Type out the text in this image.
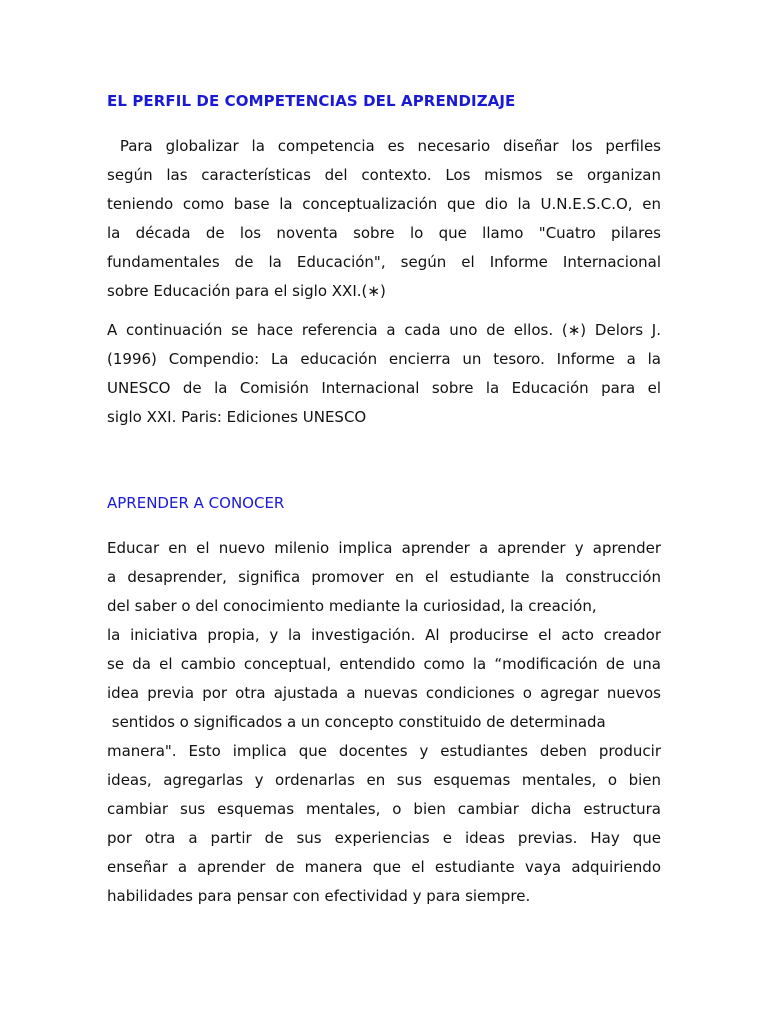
EL PERFIL DE COMPETENCIAS DEL APRENDIZAJE
Para globalizar la competencia es necesario diseñar los perfiles
según las características del contexto. Los mismos se organizan
teniendo como base la conceptualización que dio la U.N.E.S.C.O, en
la década de los noventa sobre lo que llamo "Cuatro pilares
fundamentales de la Educación", según el Informe Internacional
sobre Educación para el siglo XXI.(∗)
A continuación se hace referencia a cada uno de ellos. (∗) Delors J.
(1996) Compendio: La educación encierra un tesoro. Informe a la
UNESCO de la Comisión Internacional sobre la Educación para el
siglo XXI. Paris: Ediciones UNESCO
APRENDER A CONOCER
Educar en el nuevo milenio implica aprender a aprender y aprender
a desaprender, significa promover en el estudiante la construcción
del saber o del conocimiento mediante la curiosidad, la creación,
la iniciativa propia, y la investigación. Al producirse el acto creador
se da el cambio conceptual, entendido como la “modificación de una
idea previa por otra ajustada a nuevas condiciones o agregar nuevos
sentidos o significados a un concepto constituido de determinada
manera". Esto implica que docentes y estudiantes deben producir
ideas, agregarlas y ordenarlas en sus esquemas mentales, o bien
cambiar sus esquemas mentales, o bien cambiar dicha estructura
por otra a partir de sus experiencias e ideas previas. Hay que
enseñar a aprender de manera que el estudiante vaya adquiriendo
habilidades para pensar con efectividad y para siempre.
